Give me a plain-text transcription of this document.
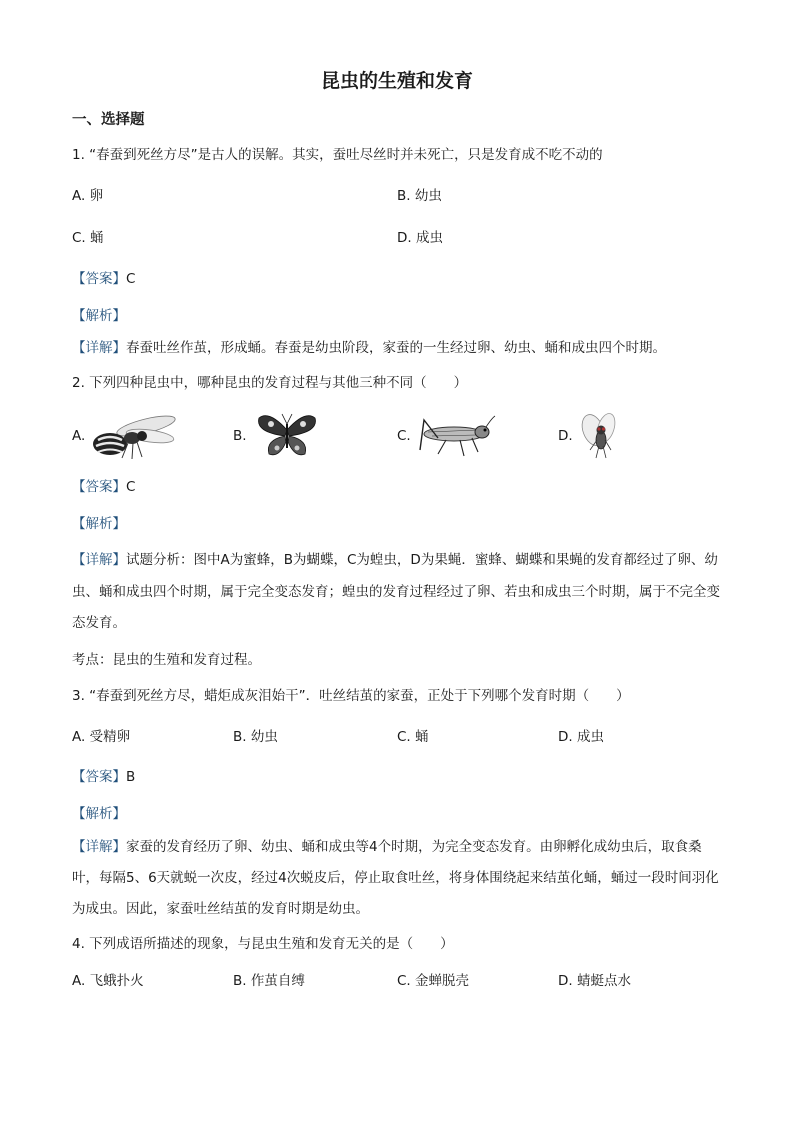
昆虫的生殖和发育
一、选择题
1. “春蚕到死丝方尽”是古人的误解。其实，蚕吐尽丝时并未死亡，只是发育成不吃不动的
A. 卵	B. 幼虫
C. 蛹	D. 成虫
【答案】C
【解析】
【详解】春蚕吐丝作茧，形成蛹。春蚕是幼虫阶段，家蚕的一生经过卵、幼虫、蛹和成虫四个时期。
2. 下列四种昆虫中，哪种昆虫的发育过程与其他三种不同（　　）
A.	B.	C.	D.
【答案】C
【解析】
【详解】试题分析：图中A为蜜蜂，B为蝴蝶，C为蝗虫，D为果蝇．蜜蜂、蝴蝶和果蝇的发育都经过了卵、幼虫、蛹和成虫四个时期，属于完全变态发育；蝗虫的发育过程经过了卵、若虫和成虫三个时期，属于不完全变态发育。
考点：昆虫的生殖和发育过程。
3. “春蚕到死丝方尽，蜡炬成灰泪始干”．吐丝结茧的家蚕，正处于下列哪个发育时期（　　）
A. 受精卵	B. 幼虫	C. 蛹	D. 成虫
【答案】B
【解析】
【详解】家蚕的发育经历了卵、幼虫、蛹和成虫等4个时期，为完全变态发育。由卵孵化成幼虫后，取食桑叶，每隔5、6天就蜕一次皮，经过4次蜕皮后，停止取食吐丝，将身体围绕起来结茧化蛹，蛹过一段时间羽化为成虫。因此，家蚕吐丝结茧的发育时期是幼虫。
4. 下列成语所描述的现象，与昆虫生殖和发育无关的是（　　）
A. 飞蛾扑火	B. 作茧自缚	C. 金蝉脱壳	D. 蜻蜓点水
